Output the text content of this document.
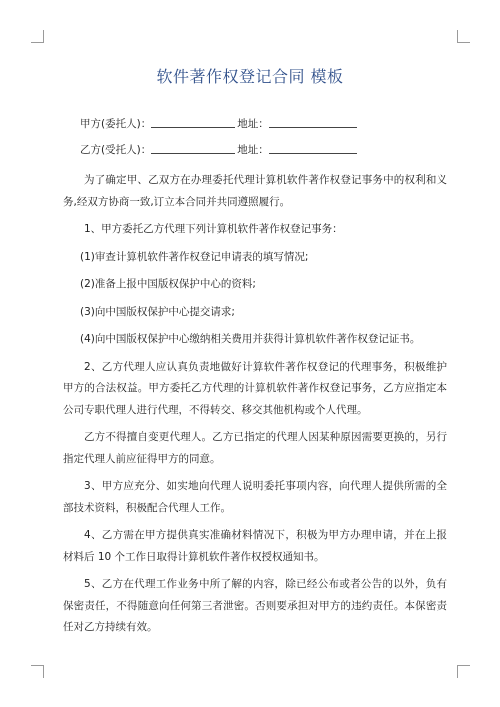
软件著作权登记合同 模板
甲方(委托人)：	地址：
乙方(受托人)：	地址：

为了确定甲、乙双方在办理委托代理计算机软件著作权登记事务中的权利和义务,经双方协商一致,订立本合同并共同遵照履行。

1、甲方委托乙方代理下列计算机软件著作权登记事务：

(1)审查计算机软件著作权登记申请表的填写情况;

(2)准备上报中国版权保护中心的资料;

(3)向中国版权保护中心提交请求;

(4)向中国版权保护中心缴纳相关费用并获得计算机软件著作权登记证书。

2、乙方代理人应认真负责地做好计算软件著作权登记的代理事务，积极维护甲方的合法权益。甲方委托乙方代理的计算机软件著作权登记事务，乙方应指定本公司专职代理人进行代理，不得转交、移交其他机构或个人代理。

乙方不得擅自变更代理人。乙方已指定的代理人因某种原因需要更换的，另行指定代理人前应征得甲方的同意。

3、甲方应充分、如实地向代理人说明委托事项内容，向代理人提供所需的全部技术资料，积极配合代理人工作。

4、乙方需在甲方提供真实准确材料情况下，积极为甲方办理申请，并在上报材料后 10 个工作日取得计算机软件著作权授权通知书。

5、乙方在代理工作业务中所了解的内容，除已经公布或者公告的以外，负有保密责任，不得随意向任何第三者泄密。否则要承担对甲方的违约责任。本保密责任对乙方持续有效。
